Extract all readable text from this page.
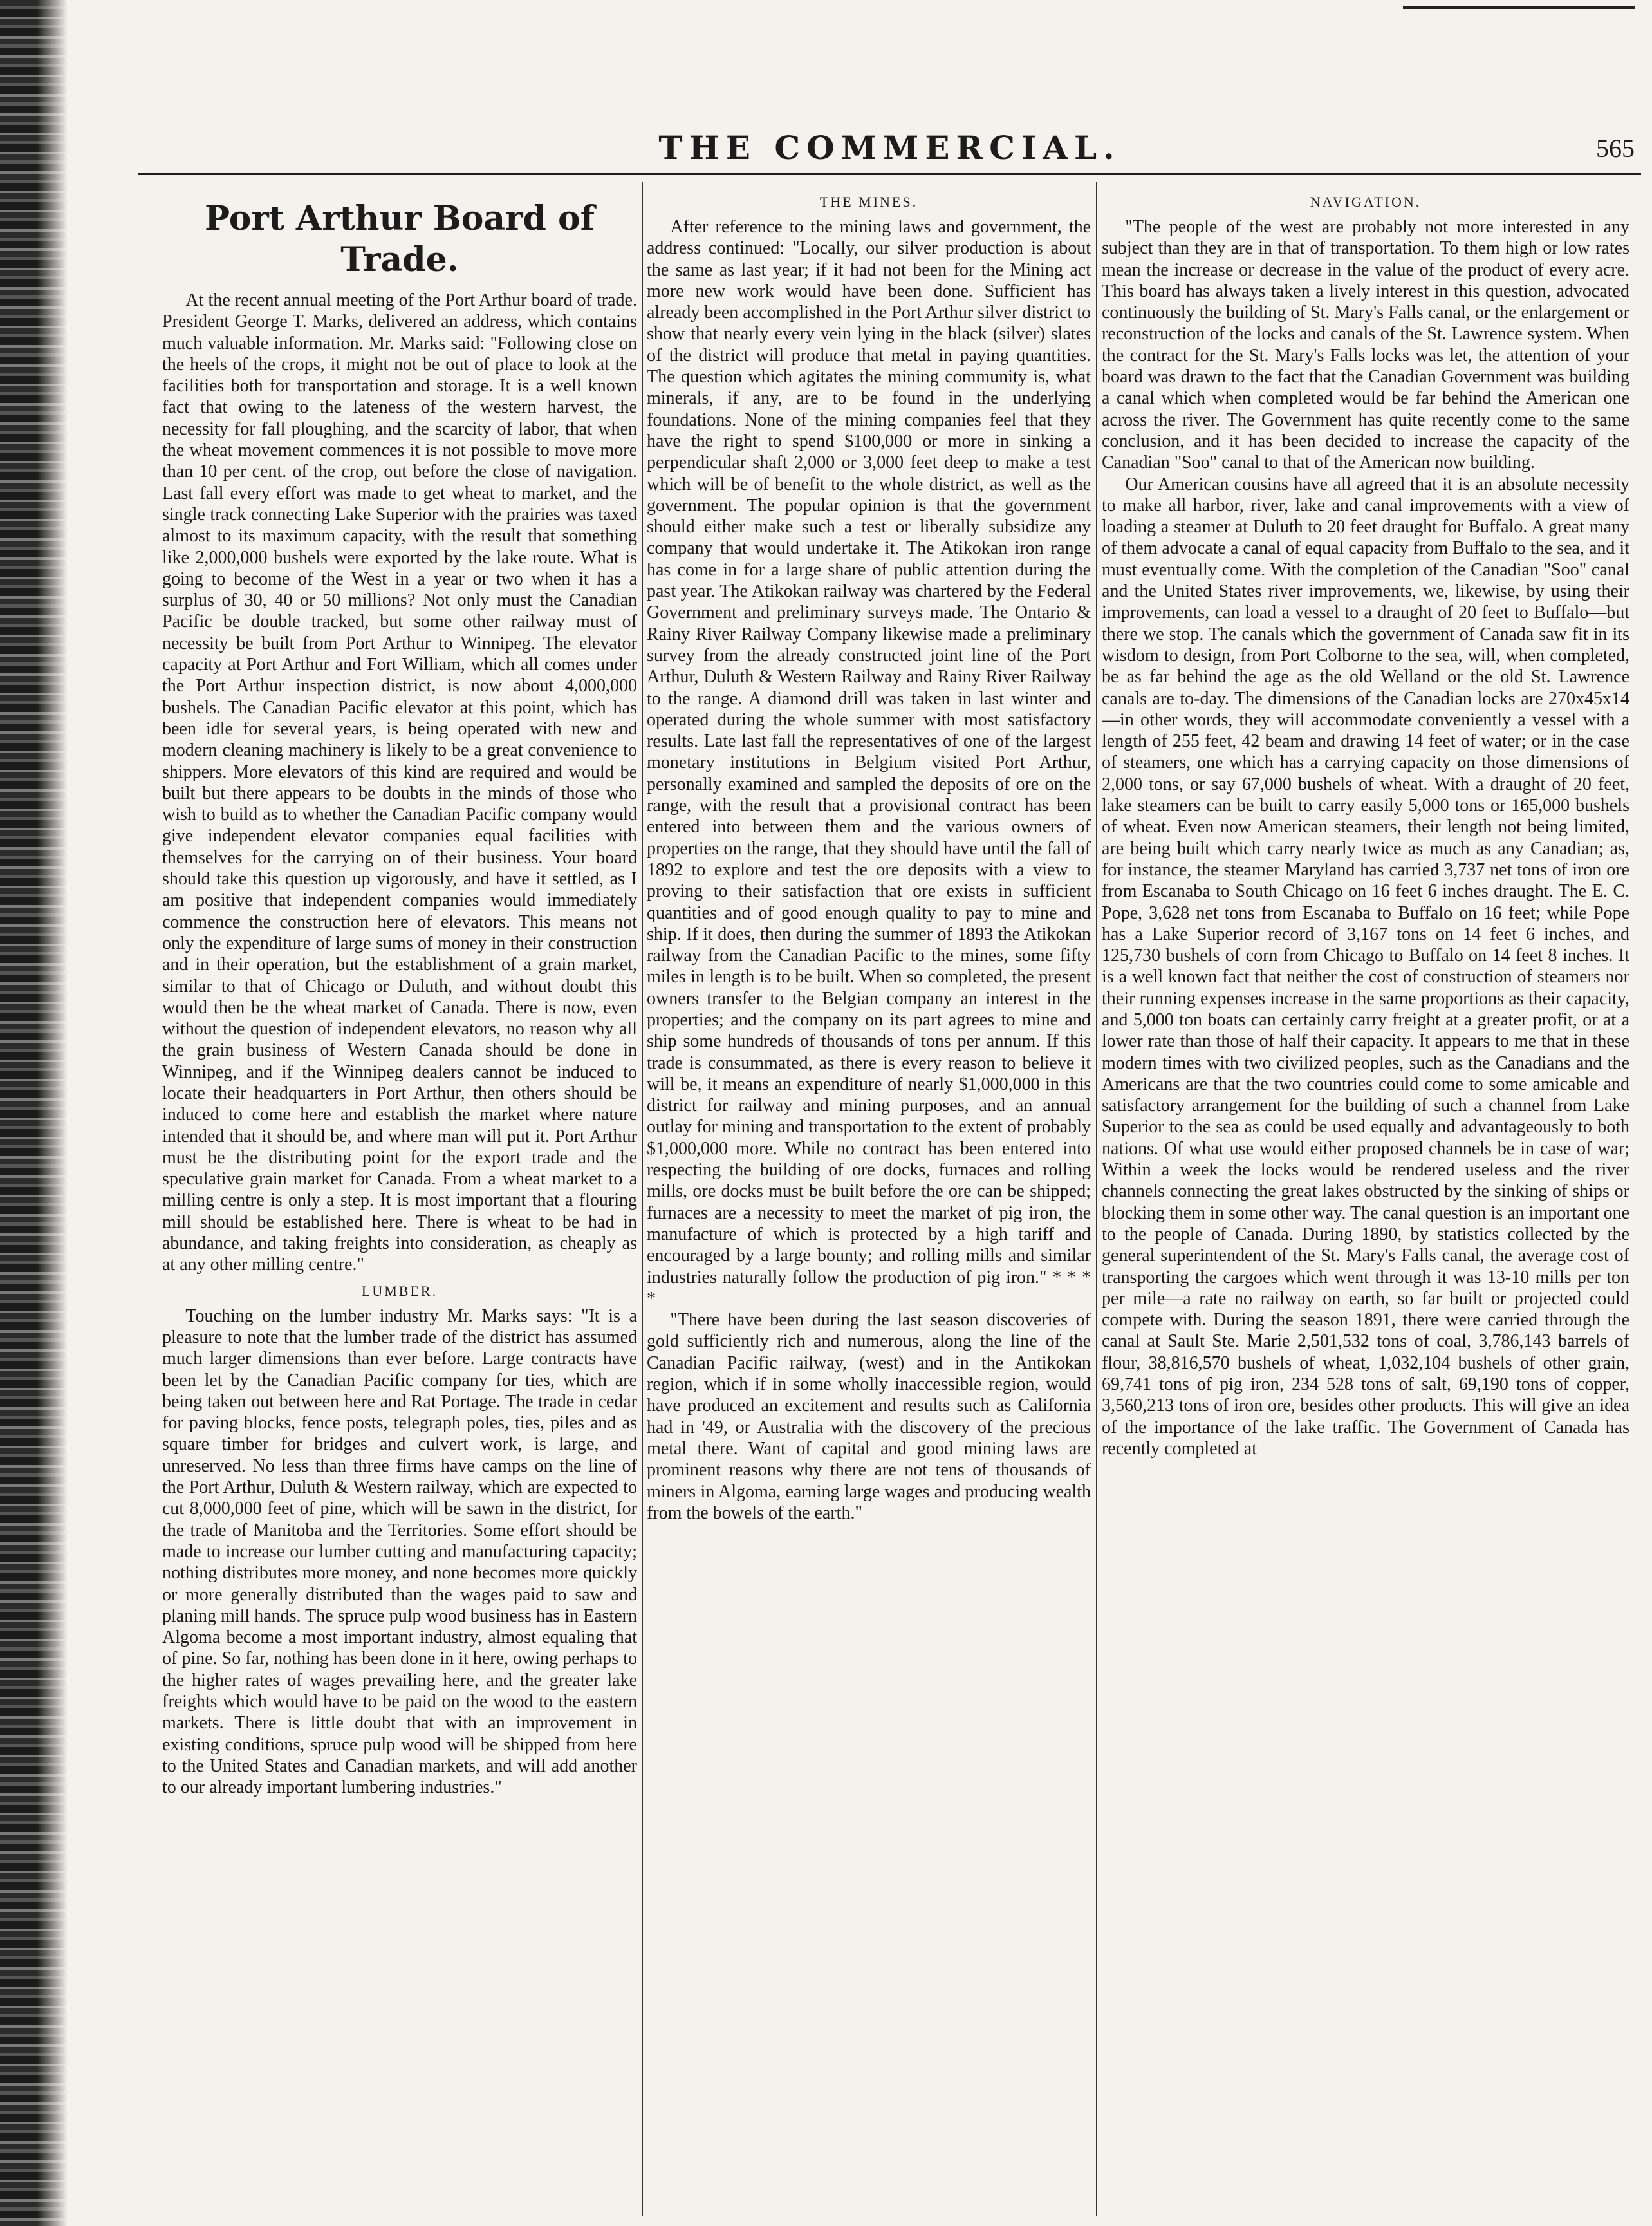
THE COMMERCIAL.	565
Port Arthur Board of Trade.

At the recent annual meeting of the Port Arthur board of trade. President George T. Marks, delivered an address, which contains much valuable information. Mr. Marks said: "Following close on the heels of the crops, it might not be out of place to look at the facilities both for transportation and storage. It is a well known fact that owing to the lateness of the western harvest, the necessity for fall ploughing, and the scarcity of labor, that when the wheat movement commences it is not possible to move more than 10 per cent. of the crop, out before the close of navigation. Last fall every effort was made to get wheat to market, and the single track connecting Lake Superior with the prairies was taxed almost to its maximum capacity, with the result that something like 2,000,000 bushels were exported by the lake route. What is going to become of the West in a year or two when it has a surplus of 30, 40 or 50 millions? Not only must the Canadian Pacific be double tracked, but some other railway must of necessity be built from Port Arthur to Winnipeg. The elevator capacity at Port Arthur and Fort William, which all comes under the Port Arthur inspection district, is now about 4,000,000 bushels. The Canadian Pacific elevator at this point, which has been idle for several years, is being operated with new and modern cleaning machinery is likely to be a great convenience to shippers. More elevators of this kind are required and would be built but there appears to be doubts in the minds of those who wish to build as to whether the Canadian Pacific company would give independent elevator companies equal facilities with themselves for the carrying on of their business. Your board should take this question up vigorously, and have it settled, as I am positive that independent companies would immediately commence the construction here of elevators. This means not only the expenditure of large sums of money in their construction and in their operation, but the establishment of a grain market, similar to that of Chicago or Duluth, and without doubt this would then be the wheat market of Canada. There is now, even without the question of independent elevators, no reason why all the grain business of Western Canada should be done in Winnipeg, and if the Winnipeg dealers cannot be induced to locate their headquarters in Port Arthur, then others should be induced to come here and establish the market where nature intended that it should be, and where man will put it. Port Arthur must be the distributing point for the export trade and the speculative grain market for Canada. From a wheat market to a milling centre is only a step. It is most important that a flouring mill should be established here. There is wheat to be had in abundance, and taking freights into consideration, as cheaply as at any other milling centre."

LUMBER.

Touching on the lumber industry Mr. Marks says: "It is a pleasure to note that the lumber trade of the district has assumed much larger dimensions than ever before. Large contracts have been let by the Canadian Pacific company for ties, which are being taken out between here and Rat Portage. The trade in cedar for paving blocks, fence posts, telegraph poles, ties, piles and as square timber for bridges and culvert work, is large, and unreserved. No less than three firms have camps on the line of the Port Arthur, Duluth & Western railway, which are expected to cut 8,000,000 feet of pine, which will be sawn in the district, for the trade of Manitoba and the Territories. Some effort should be made to increase our lumber cutting and manufacturing capacity; nothing distributes more money, and none becomes more quickly or more generally distributed than the wages paid to saw and planing mill hands. The spruce pulp wood business has in Eastern Algoma become a most important industry, almost equaling that of pine. So far, nothing has been done in it here, owing perhaps to the higher rates of wages prevailing here, and the greater lake freights which would have to be paid on the wood to the eastern markets. There is little doubt that with an improvement in existing conditions, spruce pulp wood will be shipped from here to the United States and Canadian markets, and will add another to our already important lumbering industries."

THE MINES.

After reference to the mining laws and government, the address continued: "Locally, our silver production is about the same as last year; if it had not been for the Mining act more new work would have been done. Sufficient has already been accomplished in the Port Arthur silver district to show that nearly every vein lying in the black (silver) slates of the district will produce that metal in paying quantities. The question which agitates the mining community is, what minerals, if any, are to be found in the underlying foundations. None of the mining companies feel that they have the right to spend $100,000 or more in sinking a perpendicular shaft 2,000 or 3,000 feet deep to make a test which will be of benefit to the whole district, as well as the government. The popular opinion is that the government should either make such a test or liberally subsidize any company that would undertake it. The Atikokan iron range has come in for a large share of public attention during the past year. The Atikokan railway was chartered by the Federal Government and preliminary surveys made. The Ontario & Rainy River Railway Company likewise made a preliminary survey from the already constructed joint line of the Port Arthur, Duluth & Western Railway and Rainy River Railway to the range. A diamond drill was taken in last winter and operated during the whole summer with most satisfactory results. Late last fall the representatives of one of the largest monetary institutions in Belgium visited Port Arthur, personally examined and sampled the deposits of ore on the range, with the result that a provisional contract has been entered into between them and the various owners of properties on the range, that they should have until the fall of 1892 to explore and test the ore deposits with a view to proving to their satisfaction that ore exists in sufficient quantities and of good enough quality to pay to mine and ship. If it does, then during the summer of 1893 the Atikokan railway from the Canadian Pacific to the mines, some fifty miles in length is to be built. When so completed, the present owners transfer to the Belgian company an interest in the properties; and the company on its part agrees to mine and ship some hundreds of thousands of tons per annum. If this trade is consummated, as there is every reason to believe it will be, it means an expenditure of nearly $1,000,000 in this district for railway and mining purposes, and an annual outlay for mining and transportation to the extent of probably $1,000,000 more. While no contract has been entered into respecting the building of ore docks, furnaces and rolling mills, ore docks must be built before the ore can be shipped; furnaces are a necessity to meet the market of pig iron, the manufacture of which is protected by a high tariff and encouraged by a large bounty; and rolling mills and similar industries naturally follow the production of pig iron." * * * *

"There have been during the last season discoveries of gold sufficiently rich and numerous, along the line of the Canadian Pacific railway, (west) and in the Antikokan region, which if in some wholly inaccessible region, would have produced an excitement and results such as California had in '49, or Australia with the discovery of the precious metal there. Want of capital and good mining laws are prominent reasons why there are not tens of thousands of miners in Algoma, earning large wages and producing wealth from the bowels of the earth."

NAVIGATION.

"The people of the west are probably not more interested in any subject than they are in that of transportation. To them high or low rates mean the increase or decrease in the value of the product of every acre. This board has always taken a lively interest in this question, advocated continuously the building of St. Mary's Falls canal, or the enlargement or reconstruction of the locks and canals of the St. Lawrence system. When the contract for the St. Mary's Falls locks was let, the attention of your board was drawn to the fact that the Canadian Government was building a canal which when completed would be far behind the American one across the river. The Government has quite recently come to the same conclusion, and it has been decided to increase the capacity of the Canadian "Soo" canal to that of the American now building.

Our American cousins have all agreed that it is an absolute necessity to make all harbor, river, lake and canal improvements with a view of loading a steamer at Duluth to 20 feet draught for Buffalo. A great many of them advocate a canal of equal capacity from Buffalo to the sea, and it must eventually come. With the completion of the Canadian "Soo" canal and the United States river improvements, we, likewise, by using their improvements, can load a vessel to a draught of 20 feet to Buffalo—but there we stop. The canals which the government of Canada saw fit in its wisdom to design, from Port Colborne to the sea, will, when completed, be as far behind the age as the old Welland or the old St. Lawrence canals are to-day. The dimensions of the Canadian locks are 270x45x14—in other words, they will accommodate conveniently a vessel with a length of 255 feet, 42 beam and drawing 14 feet of water; or in the case of steamers, one which has a carrying capacity on those dimensions of 2,000 tons, or say 67,000 bushels of wheat. With a draught of 20 feet, lake steamers can be built to carry easily 5,000 tons or 165,000 bushels of wheat. Even now American steamers, their length not being limited, are being built which carry nearly twice as much as any Canadian; as, for instance, the steamer Maryland has carried 3,737 net tons of iron ore from Escanaba to South Chicago on 16 feet 6 inches draught. The E. C. Pope, 3,628 net tons from Escanaba to Buffalo on 16 feet; while Pope has a Lake Superior record of 3,167 tons on 14 feet 6 inches, and 125,730 bushels of corn from Chicago to Buffalo on 14 feet 8 inches. It is a well known fact that neither the cost of construction of steamers nor their running expenses increase in the same proportions as their capacity, and 5,000 ton boats can certainly carry freight at a greater profit, or at a lower rate than those of half their capacity. It appears to me that in these modern times with two civilized peoples, such as the Canadians and the Americans are that the two countries could come to some amicable and satisfactory arrangement for the building of such a channel from Lake Superior to the sea as could be used equally and advantageously to both nations. Of what use would either proposed channels be in case of war; Within a week the locks would be rendered useless and the river channels connecting the great lakes obstructed by the sinking of ships or blocking them in some other way. The canal question is an important one to the people of Canada. During 1890, by statistics collected by the general superintendent of the St. Mary's Falls canal, the average cost of transporting the cargoes which went through it was 13-10 mills per ton per mile—a rate no railway on earth, so far built or projected could compete with. During the season 1891, there were carried through the canal at Sault Ste. Marie 2,501,532 tons of coal, 3,786,143 barrels of flour, 38,816,570 bushels of wheat, 1,032,104 bushels of other grain, 69,741 tons of pig iron, 234 528 tons of salt, 69,190 tons of copper, 3,560,213 tons of iron ore, besides other products. This will give an idea of the importance of the lake traffic. The Government of Canada has recently completed at
